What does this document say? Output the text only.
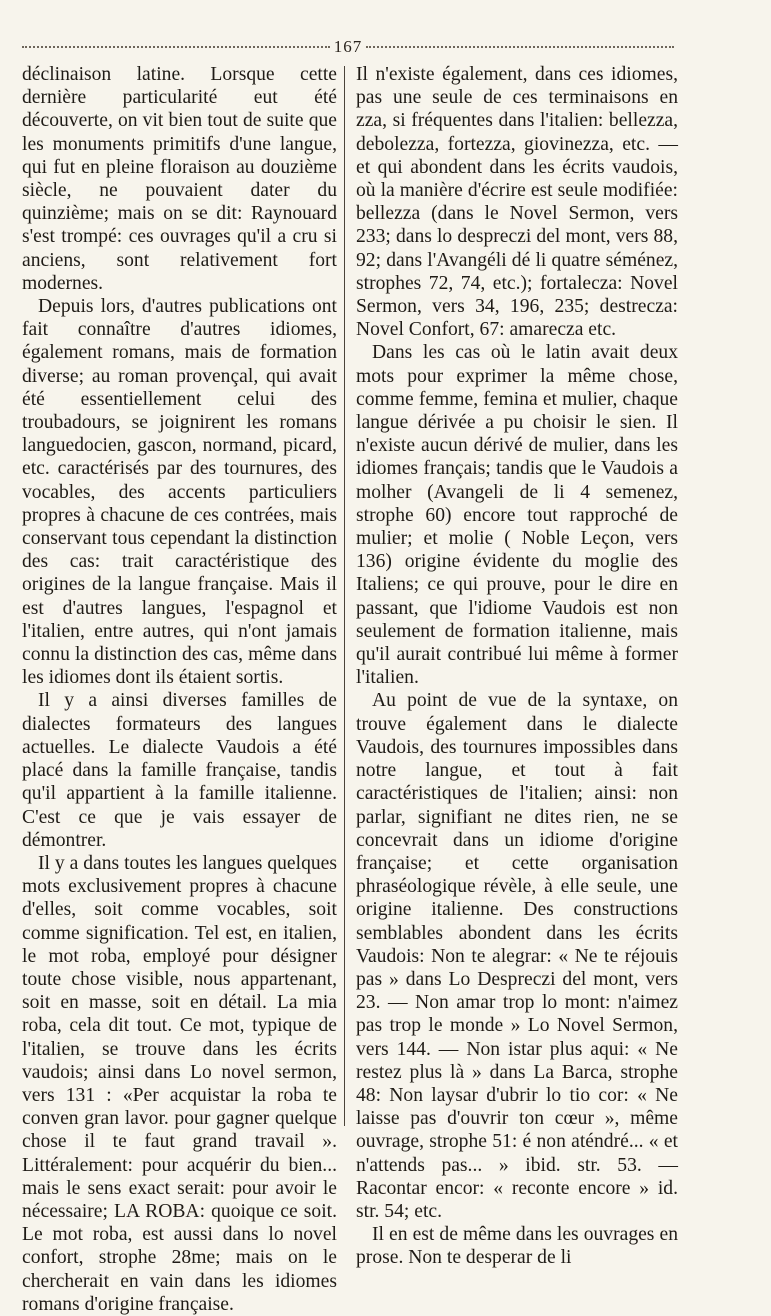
167

déclinaison latine. Lorsque cette dernière particularité eut été découverte, on vit bien tout de suite que les monuments primitifs d'une langue, qui fut en pleine floraison au douzième siècle, ne pouvaient dater du quinzième; mais on se dit: Raynouard s'est trompé: ces ouvrages qu'il a cru si anciens, sont relativement fort modernes.

Depuis lors, d'autres publications ont fait connaître d'autres idiomes, également romans, mais de formation diverse; au roman provençal, qui avait été essentiellement celui des troubadours, se joignirent les romans languedocien, gascon, normand, picard, etc. caractérisés par des tournures, des vocables, des accents particuliers propres à chacune de ces contrées, mais conservant tous cependant la distinction des cas: trait caractéristique des origines de la langue française. Mais il est d'autres langues, l'espagnol et l'italien, entre autres, qui n'ont jamais connu la distinction des cas, même dans les idiomes dont ils étaient sortis.

Il y a ainsi diverses familles de dialectes formateurs des langues actuelles. Le dialecte Vaudois a été placé dans la famille française, tandis qu'il appartient à la famille italienne. C'est ce que je vais essayer de démontrer.

Il y a dans toutes les langues quelques mots exclusivement propres à chacune d'elles, soit comme vocables, soit comme signification. Tel est, en italien, le mot roba, employé pour désigner toute chose visible, nous appartenant, soit en masse, soit en détail. La mia roba, cela dit tout. Ce mot, typique de l'italien, se trouve dans les écrits vaudois; ainsi dans Lo novel sermon, vers 131 : «Per acquistar la roba te conven gran lavor. pour gagner quelque chose il te faut grand travail ». Littéralement: pour acquérir du bien... mais le sens exact serait: pour avoir le nécessaire; LA ROBA: quoique ce soit. Le mot roba, est aussi dans lo novel confort, strophe 28me; mais on le chercherait en vain dans les idiomes romans d'origine française.

Il n'existe également, dans ces idiomes, pas une seule de ces terminaisons en zza, si fréquentes dans l'italien: bellezza, debolezza, fortezza, giovinezza, etc. — et qui abondent dans les écrits vaudois, où la manière d'écrire est seule modifiée: bellezza (dans le Novel Sermon, vers 233; dans lo despreczi del mont, vers 88, 92; dans l'Avangéli dé li quatre séménez, strophes 72, 74, etc.); fortalecza: Novel Sermon, vers 34, 196, 235; destrecza: Novel Confort, 67: amarecza etc.

Dans les cas où le latin avait deux mots pour exprimer la même chose, comme femme, femina et mulier, chaque langue dérivée a pu choisir le sien. Il n'existe aucun dérivé de mulier, dans les idiomes français; tandis que le Vaudois a molher (Avangeli de li 4 semenez, strophe 60) encore tout rapproché de mulier; et molie ( Noble Leçon, vers 136) origine évidente du moglie des Italiens; ce qui prouve, pour le dire en passant, que l'idiome Vaudois est non seulement de formation italienne, mais qu'il aurait contribué lui même à former l'italien.

Au point de vue de la syntaxe, on trouve également dans le dialecte Vaudois, des tournures impossibles dans notre langue, et tout à fait caractéristiques de l'italien; ainsi: non parlar, signifiant ne dites rien, ne se concevrait dans un idiome d'origine française; et cette organisation phraséologique révèle, à elle seule, une origine italienne. Des constructions semblables abondent dans les écrits Vaudois: Non te alegrar: « Ne te réjouis pas » dans Lo Despreczi del mont, vers 23. — Non amar trop lo mont: n'aimez pas trop le monde » Lo Novel Sermon, vers 144. — Non istar plus aqui: « Ne restez plus là » dans La Barca, strophe 48: Non laysar d'ubrir lo tio cor: « Ne laisse pas d'ouvrir ton cœur », même ouvrage, strophe 51: é non aténdré... « et n'attends pas... » ibid. str. 53. — Racontar encor: « reconte encore » id. str. 54; etc.

Il en est de même dans les ouvrages en prose. Non te desperar de li
